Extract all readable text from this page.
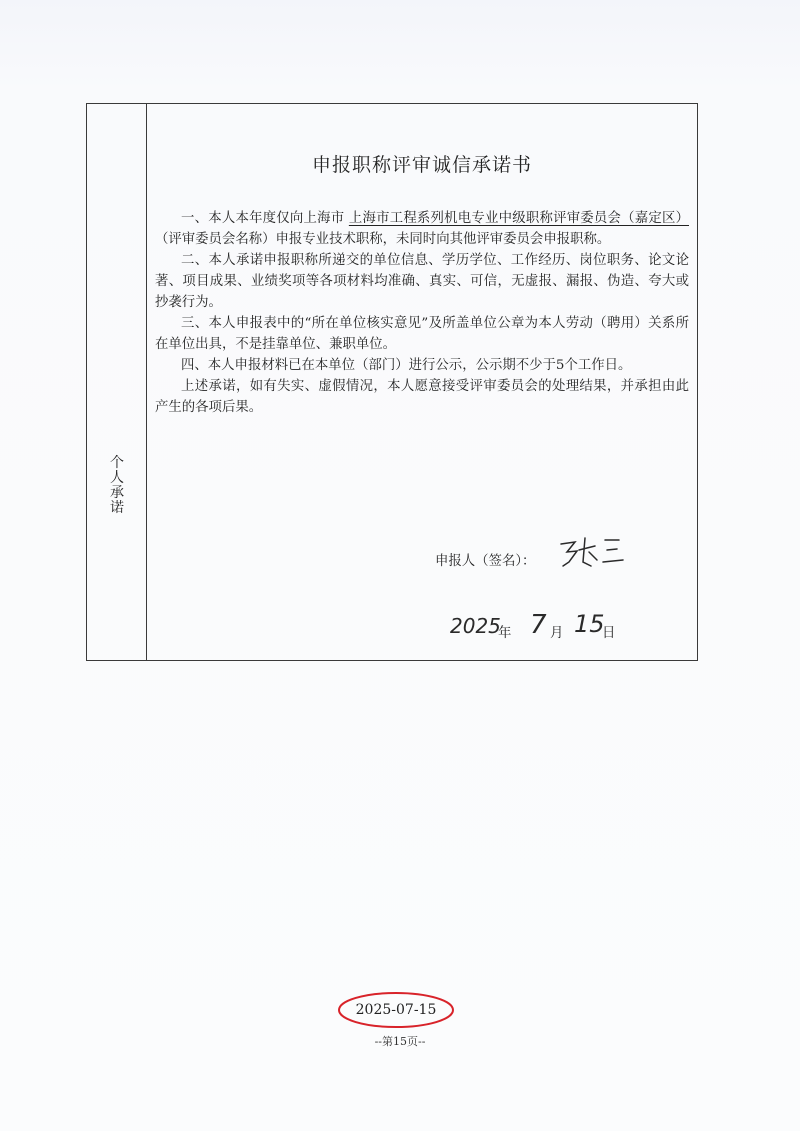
个人承诺
申报职称评审诚信承诺书

一、本人本年度仅向上海市 上海市工程系列机电专业中级职称评审委员会（嘉定区）（评审委员会名称）申报专业技术职称，未同时向其他评审委员会申报职称。

二、本人承诺申报职称所递交的单位信息、学历学位、工作经历、岗位职务、论文论著、项目成果、业绩奖项等各项材料均准确、真实、可信，无虚报、漏报、伪造、夸大或抄袭行为。

三、本人申报表中的“所在单位核实意见”及所盖单位公章为本人劳动（聘用）关系所在单位出具，不是挂靠单位、兼职单位。

四、本人申报材料已在本单位（部门）进行公示，公示期不少于5个工作日。

上述承诺，如有失实、虚假情况，本人愿意接受评审委员会的处理结果，并承担由此产生的各项后果。

申报人（签名）：
2025
年 7 月 15
日
2025-07-15
--第15页--
